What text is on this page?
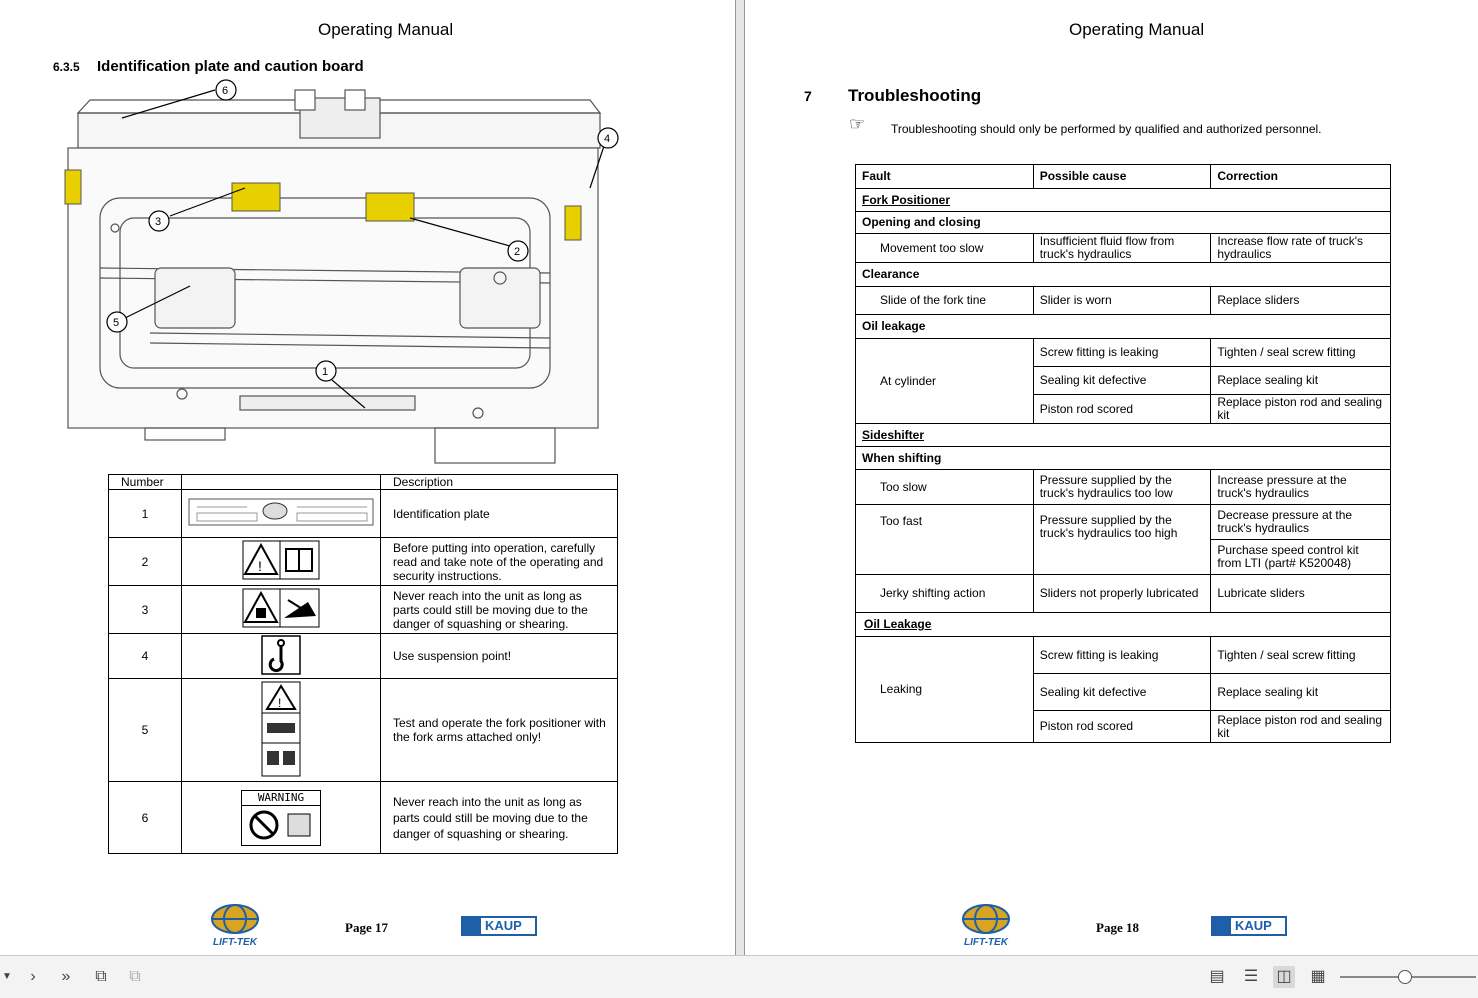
Operating Manual
6.3.5 Identification plate and caution board
6
4
2
3
5
1
Number		Description
1		Identification plate
2	!	Before putting into operation, carefully read and take note of the operating and security instructions.
3		Never reach into the unit as long as parts could still be moving due to the danger of squashing or shearing.
4		Use suspension point!
5	!	Test and operate the fork positioner with the fork arms attached only!
6	WARNING	Never reach into the unit as long as parts could still be moving due to the danger of squashing or shearing.
LIFT-TEK
Page 17	KAUP
Operating Manual
7 Troubleshooting
☞ Troubleshooting should only be performed by qualified and authorized personnel.
Fault	Possible cause	Correction
Fork Positioner		
Opening and closing		
Movement too slow	Insufficient fluid flow from truck's hydraulics	Increase flow rate of truck's hydraulics
Clearance		
Slide of the fork tine	Slider is worn	Replace sliders
Oil leakage		
At cylinder	Screw fitting is leaking	Tighten / seal screw fitting
	Sealing kit defective	Replace sealing kit
	Piston rod scored	Replace piston rod and sealing kit
Sideshifter		
When shifting		
Too slow	Pressure supplied by the truck's hydraulics too low	Increase pressure at the truck's hydraulics
Too fast	Pressure supplied by the truck's hydraulics too high	Decrease pressure at the truck's hydraulics
		Purchase speed control kit from LTI (part# K520048)
Jerky shifting action	Sliders not properly lubricated	Lubricate sliders
Oil Leakage		
Leaking	Screw fitting is leaking	Tighten / seal screw fitting
	Sealing kit defective	Replace sealing kit
	Piston rod scored	Replace piston rod and sealing kit
LIFT-TEK
Page 18	KAUP
▼	›	»	⧉	⧉	▤ ☰ ◫ ▦
